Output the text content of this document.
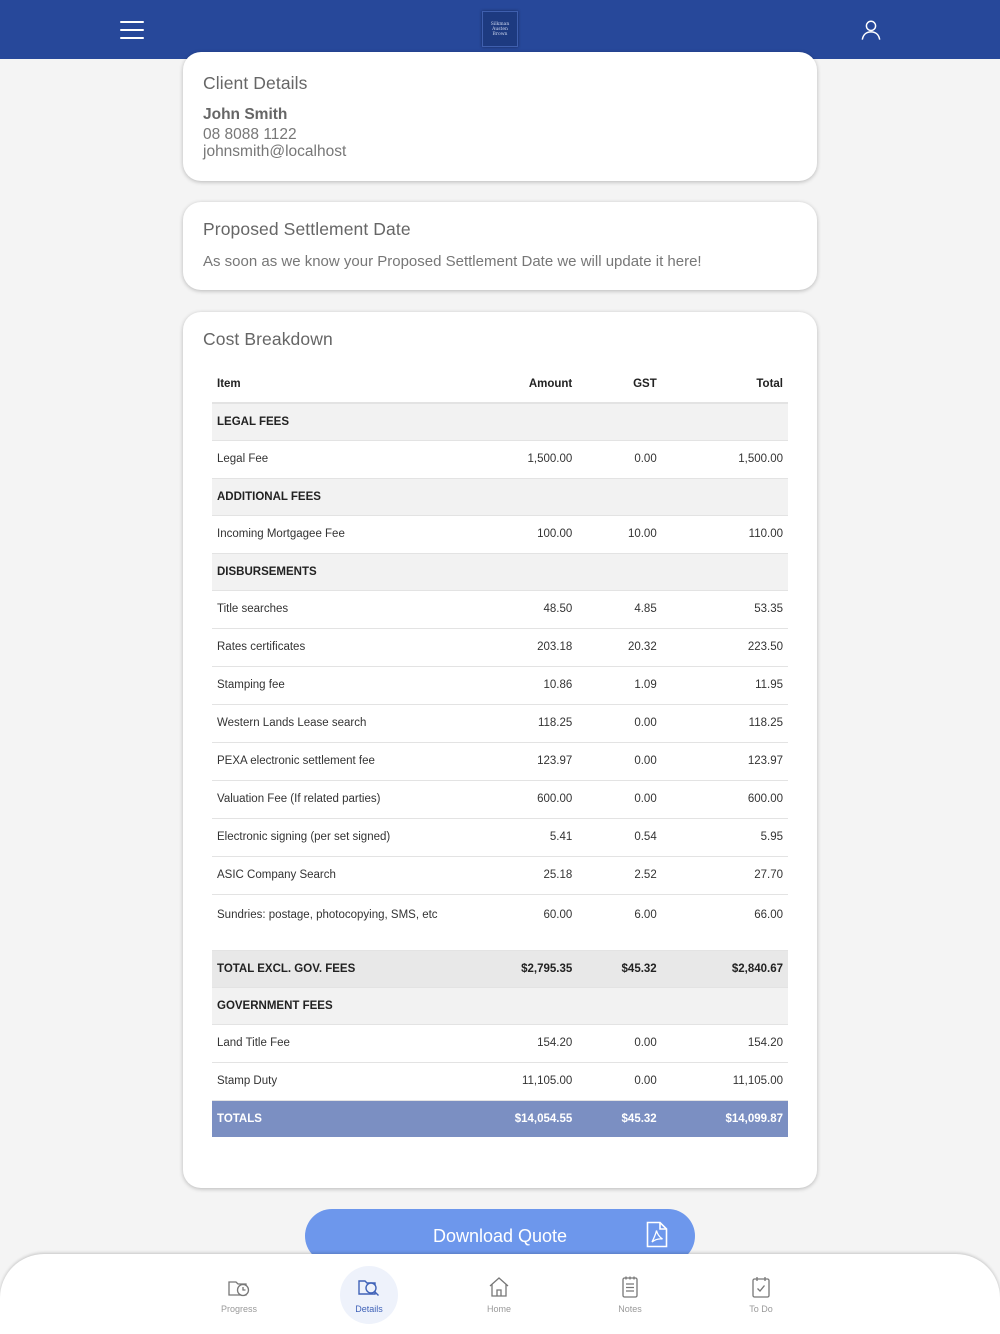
Silkman
Austen
Brown
Client Details
John Smith
08 8088 1122
johnsmith@localhost
Proposed Settlement Date
As soon as we know your Proposed Settlement Date we will update it here!
Cost Breakdown
Item	Amount	GST	Total
LEGAL FEES			
Legal Fee	1,500.00	0.00	1,500.00
ADDITIONAL FEES			
Incoming Mortgagee Fee	100.00	10.00	110.00
DISBURSEMENTS			
Title searches	48.50	4.85	53.35
Rates certificates	203.18	20.32	223.50
Stamping fee	10.86	1.09	11.95
Western Lands Lease search	118.25	0.00	118.25
PEXA electronic settlement fee	123.97	0.00	123.97
Valuation Fee (If related parties)	600.00	0.00	600.00
Electronic signing (per set signed)	5.41	0.54	5.95
ASIC Company Search	25.18	2.52	27.70
Sundries: postage, photocopying, SMS, etc	60.00	6.00	66.00
TOTAL EXCL. GOV. FEES	$2,795.35	$45.32	$2,840.67
GOVERNMENT FEES			
Land Title Fee	154.20	0.00	154.20
Stamp Duty	11,105.00	0.00	11,105.00
TOTALS	$14,054.55	$45.32	$14,099.87
Download Quote
Progress	Details	Home	Notes	To Do
